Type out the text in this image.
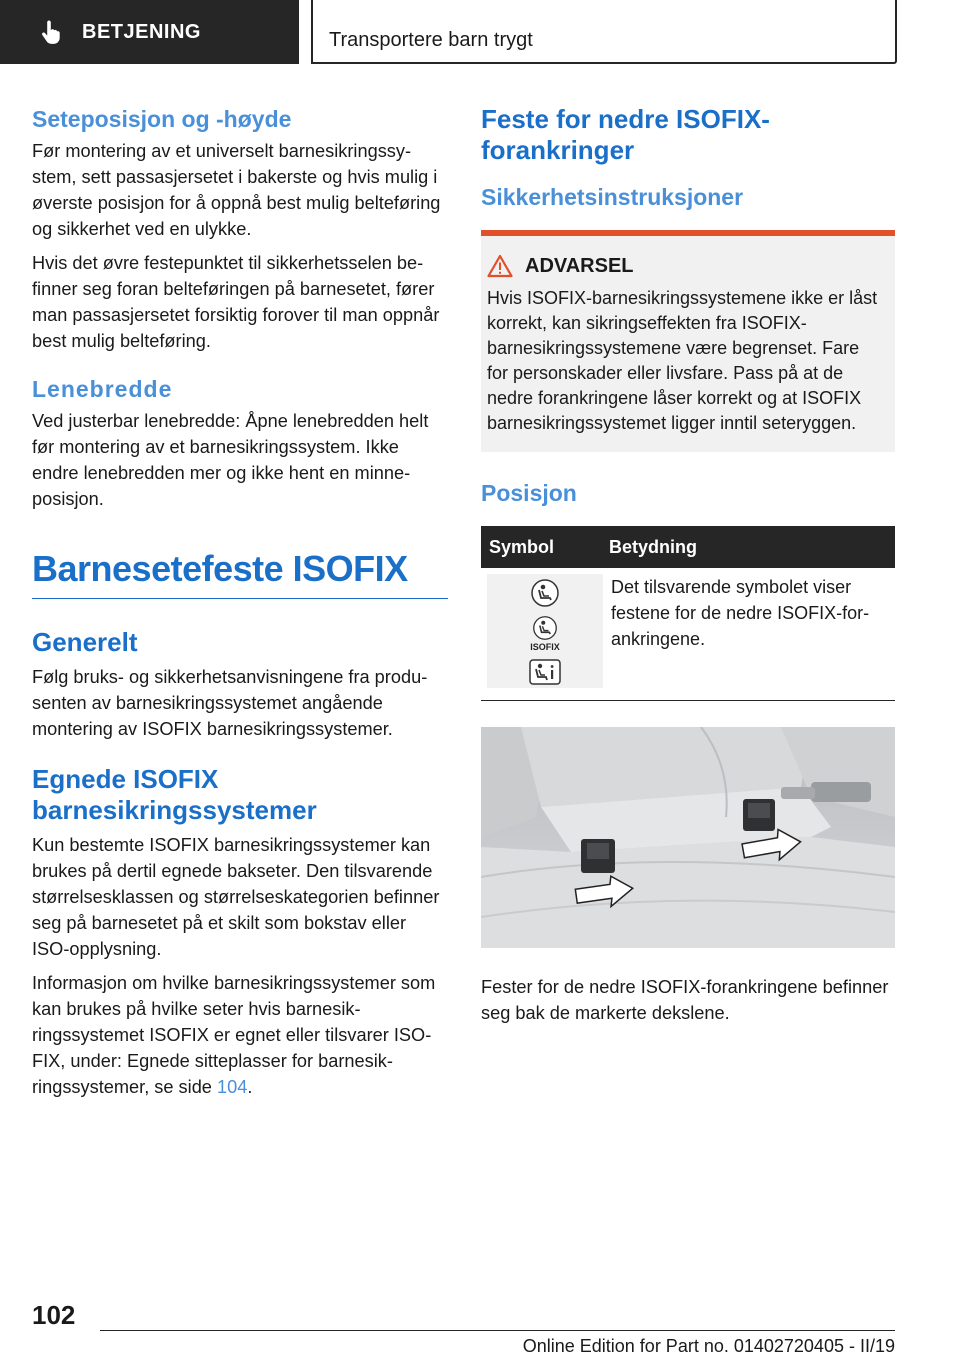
BETJENING	Transportere barn trygt
Seteposisjon og -høyde

Før montering av et universelt barnesikringssystem, sett passasjersetet i bakerste og hvis mulig i øverste posisjon for å oppnå best mulig belteføring og sikkerhet ved en ulykke.

Hvis det øvre festepunktet til sikkerhetsselen befinner seg foran belteføringen på barnesetet, fører man passasjersetet forsiktig forover til man oppnår best mulig belteføring.

Lenebredde

Ved justerbar lenebredde: Åpne lenebredden helt før montering av et barnesikringssystem. Ikke endre lenebredden mer og ikke hent en minne-posisjon.

Barnesetefeste ISOFIX
Generelt

Følg bruks- og sikkerhetsanvisningene fra produsenten av barnesikringssystemet angående montering av ISOFIX barnesikringssystemer.

Egnede ISOFIX barnesikringssystemer

Kun bestemte ISOFIX barnesikringssystemer kan brukes på dertil egnede bakseter. Den tilsvarende størrelsesklassen og størrelseskategorien befinner seg på barnesetet på et skilt som bokstav eller ISO-opplysning.

Informasjon om hvilke barnesikringssystemer som kan brukes på hvilke seter hvis barnesikringssystemet ISOFIX er egnet eller tilsvarer ISOFIX, under: Egnede sitteplasser for barnesikringssystemer, se side 104.

Feste for nedre ISOFIX-forankringer
Sikkerhetsinstruksjoner
ADVARSEL

Hvis ISOFIX-barnesikringssystemene ikke er låst korrekt, kan sikringseffekten fra ISOFIX-barnesikringssystemene være begrenset. Fare for personskader eller livsfare. Pass på at de nedre forankringene låser korrekt og at ISOFIX barnesikringssystemet ligger inntil seteryggen.

Posisjon
Symbol	Betydning
ISOFIX
Det tilsvarende symbolet viser festene for de nedre ISOFIX-forankringene.

Fester for de nedre ISOFIX-forankringene befinner seg bak de markerte dekslene.

102
Online Edition for Part no. 01402720405 - II/19
